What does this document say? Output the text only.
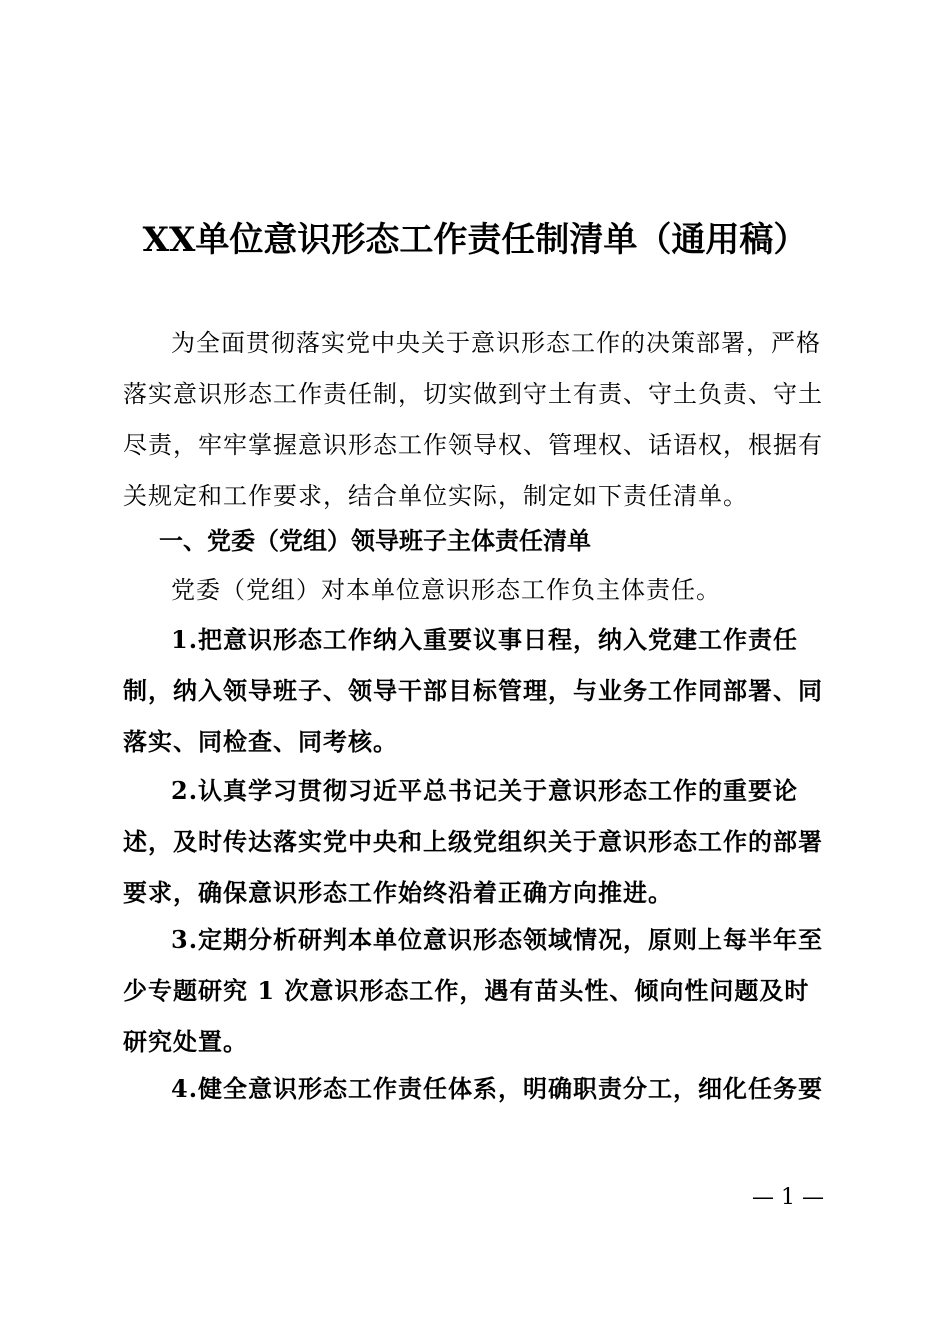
XX单位意识形态工作责任制清单（通用稿）

为全面贯彻落实党中央关于意识形态工作的决策部署，严格落实意识形态工作责任制，切实做到守土有责、守土负责、守土尽责，牢牢掌握意识形态工作领导权、管理权、话语权，根据有关规定和工作要求，结合单位实际，制定如下责任清单。

一、党委（党组）领导班子主体责任清单

党委（党组）对本单位意识形态工作负主体责任。

1.把意识形态工作纳入重要议事日程，纳入党建工作责任制，纳入领导班子、领导干部目标管理，与业务工作同部署、同落实、同检查、同考核。

2.认真学习贯彻习近平总书记关于意识形态工作的重要论述，及时传达落实党中央和上级党组织关于意识形态工作的部署要求，确保意识形态工作始终沿着正确方向推进。

3.定期分析研判本单位意识形态领域情况，原则上每半年至少专题研究 1 次意识形态工作，遇有苗头性、倾向性问题及时研究处置。

4.健全意识形态工作责任体系，明确职责分工，细化任务要

— 1 —
